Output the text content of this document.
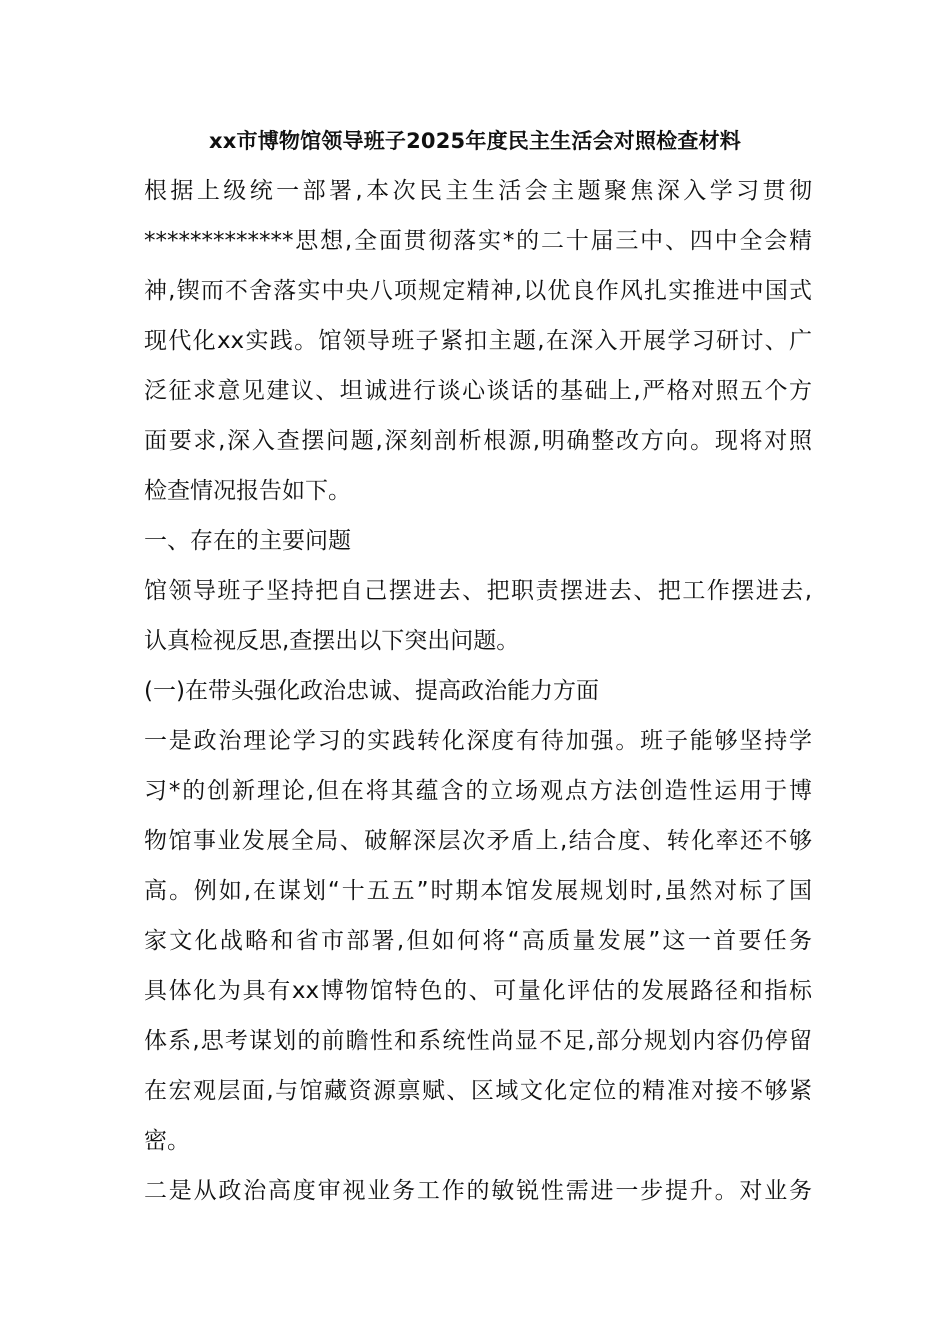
xx市博物馆领导班子2025年度民主生活会对照检查材料
根据上级统一部署,本次民主生活会主题聚焦深入学习贯彻
*************思想,全面贯彻落实*的二十届三中、四中全会精
神,锲而不舍落实中央八项规定精神,以优良作风扎实推进中国式
现代化xx实践。馆领导班子紧扣主题,在深入开展学习研讨、广
泛征求意见建议、坦诚进行谈心谈话的基础上,严格对照五个方
面要求,深入查摆问题,深刻剖析根源,明确整改方向。现将对照
检查情况报告如下。
一、存在的主要问题
馆领导班子坚持把自己摆进去、把职责摆进去、把工作摆进去,
认真检视反思,查摆出以下突出问题。
(一)在带头强化政治忠诚、提高政治能力方面
一是政治理论学习的实践转化深度有待加强。班子能够坚持学
习*的创新理论,但在将其蕴含的立场观点方法创造性运用于博
物馆事业发展全局、破解深层次矛盾上,结合度、转化率还不够
高。例如,在谋划“十五五”时期本馆发展规划时,虽然对标了国
家文化战略和省市部署,但如何将“高质量发展”这一首要任务
具体化为具有xx博物馆特色的、可量化评估的发展路径和指标
体系,思考谋划的前瞻性和系统性尚显不足,部分规划内容仍停留
在宏观层面,与馆藏资源禀赋、区域文化定位的精准对接不够紧
密。
二是从政治高度审视业务工作的敏锐性需进一步提升。对业务
